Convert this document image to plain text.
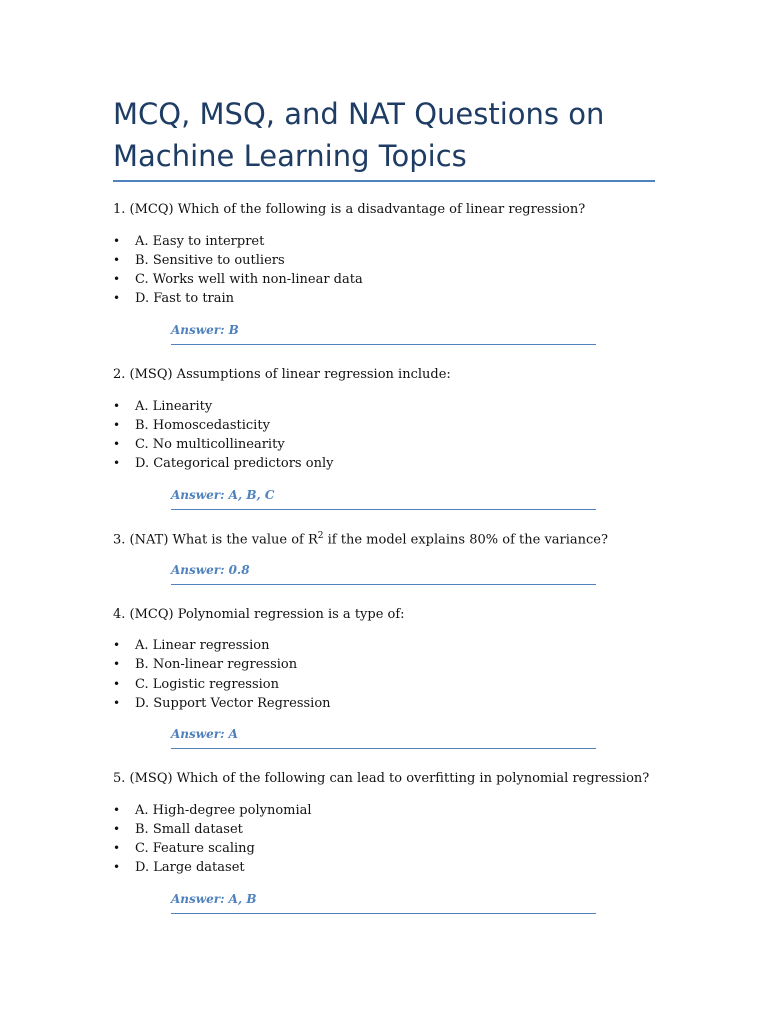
MCQ, MSQ, and NAT Questions on Machine Learning Topics

1. (MCQ) Which of the following is a disadvantage of linear regression?

• A. Easy to interpret
• B. Sensitive to outliers
• C. Works well with non-linear data
• D. Fast to train

Answer: B

2. (MSQ) Assumptions of linear regression include:

• A. Linearity
• B. Homoscedasticity
• C. No multicollinearity
• D. Categorical predictors only

Answer: A, B, C

3. (NAT) What is the value of $R^2$ if the model explains 80% of the variance?

Answer: 0.8

4. (MCQ) Polynomial regression is a type of:

• A. Linear regression
• B. Non-linear regression
• C. Logistic regression
• D. Support Vector Regression

Answer: A

5. (MSQ) Which of the following can lead to overfitting in polynomial regression?

• A. High-degree polynomial
• B. Small dataset
• C. Feature scaling
• D. Large dataset

Answer: A, B
